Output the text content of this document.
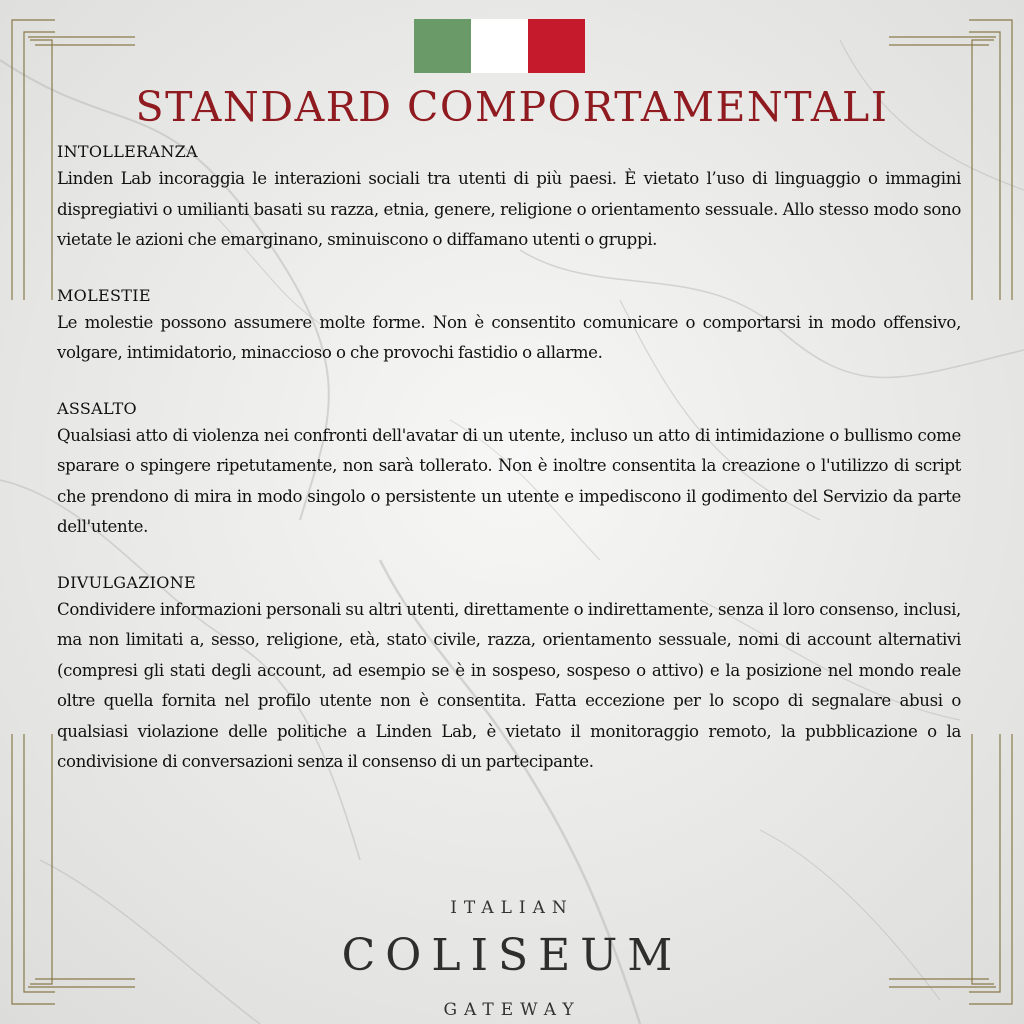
STANDARD COMPORTAMENTALI
INTOLLERANZA
Linden Lab incoraggia le interazioni sociali tra utenti di più paesi. È vietato l’uso di linguaggio o immagini dispregiativi o umilianti basati su razza, etnia, genere, religione o orientamento sessuale. Allo stesso modo sono vietate le azioni che emarginano, sminuiscono o diffamano utenti o gruppi.
MOLESTIE
Le molestie possono assumere molte forme. Non è consentito comunicare o comportarsi in modo offensivo, volgare, intimidatorio, minaccioso o che provochi fastidio o allarme.
ASSALTO
Qualsiasi atto di violenza nei confronti dell'avatar di un utente, incluso un atto di intimidazione o bullismo come sparare o spingere ripetutamente, non sarà tollerato. Non è inoltre consentita la creazione o l'utilizzo di script che prendono di mira in modo singolo o persistente un utente e impediscono il godimento del Servizio da parte dell'utente.
DIVULGAZIONE
Condividere informazioni personali su altri utenti, direttamente o indirettamente, senza il loro consenso, inclusi, ma non limitati a, sesso, religione, età, stato civile, razza, orientamento sessuale, nomi di account alternativi (compresi gli stati degli account, ad esempio se è in sospeso, sospeso o attivo) e la posizione nel mondo reale oltre quella fornita nel profilo utente non è consentita. Fatta eccezione per lo scopo di segnalare abusi o qualsiasi violazione delle politiche a Linden Lab, è vietato il monitoraggio remoto, la pubblicazione o la condivisione di conversazioni senza il consenso di un partecipante.
ITALIAN
COLISEUM
GATEWAY
